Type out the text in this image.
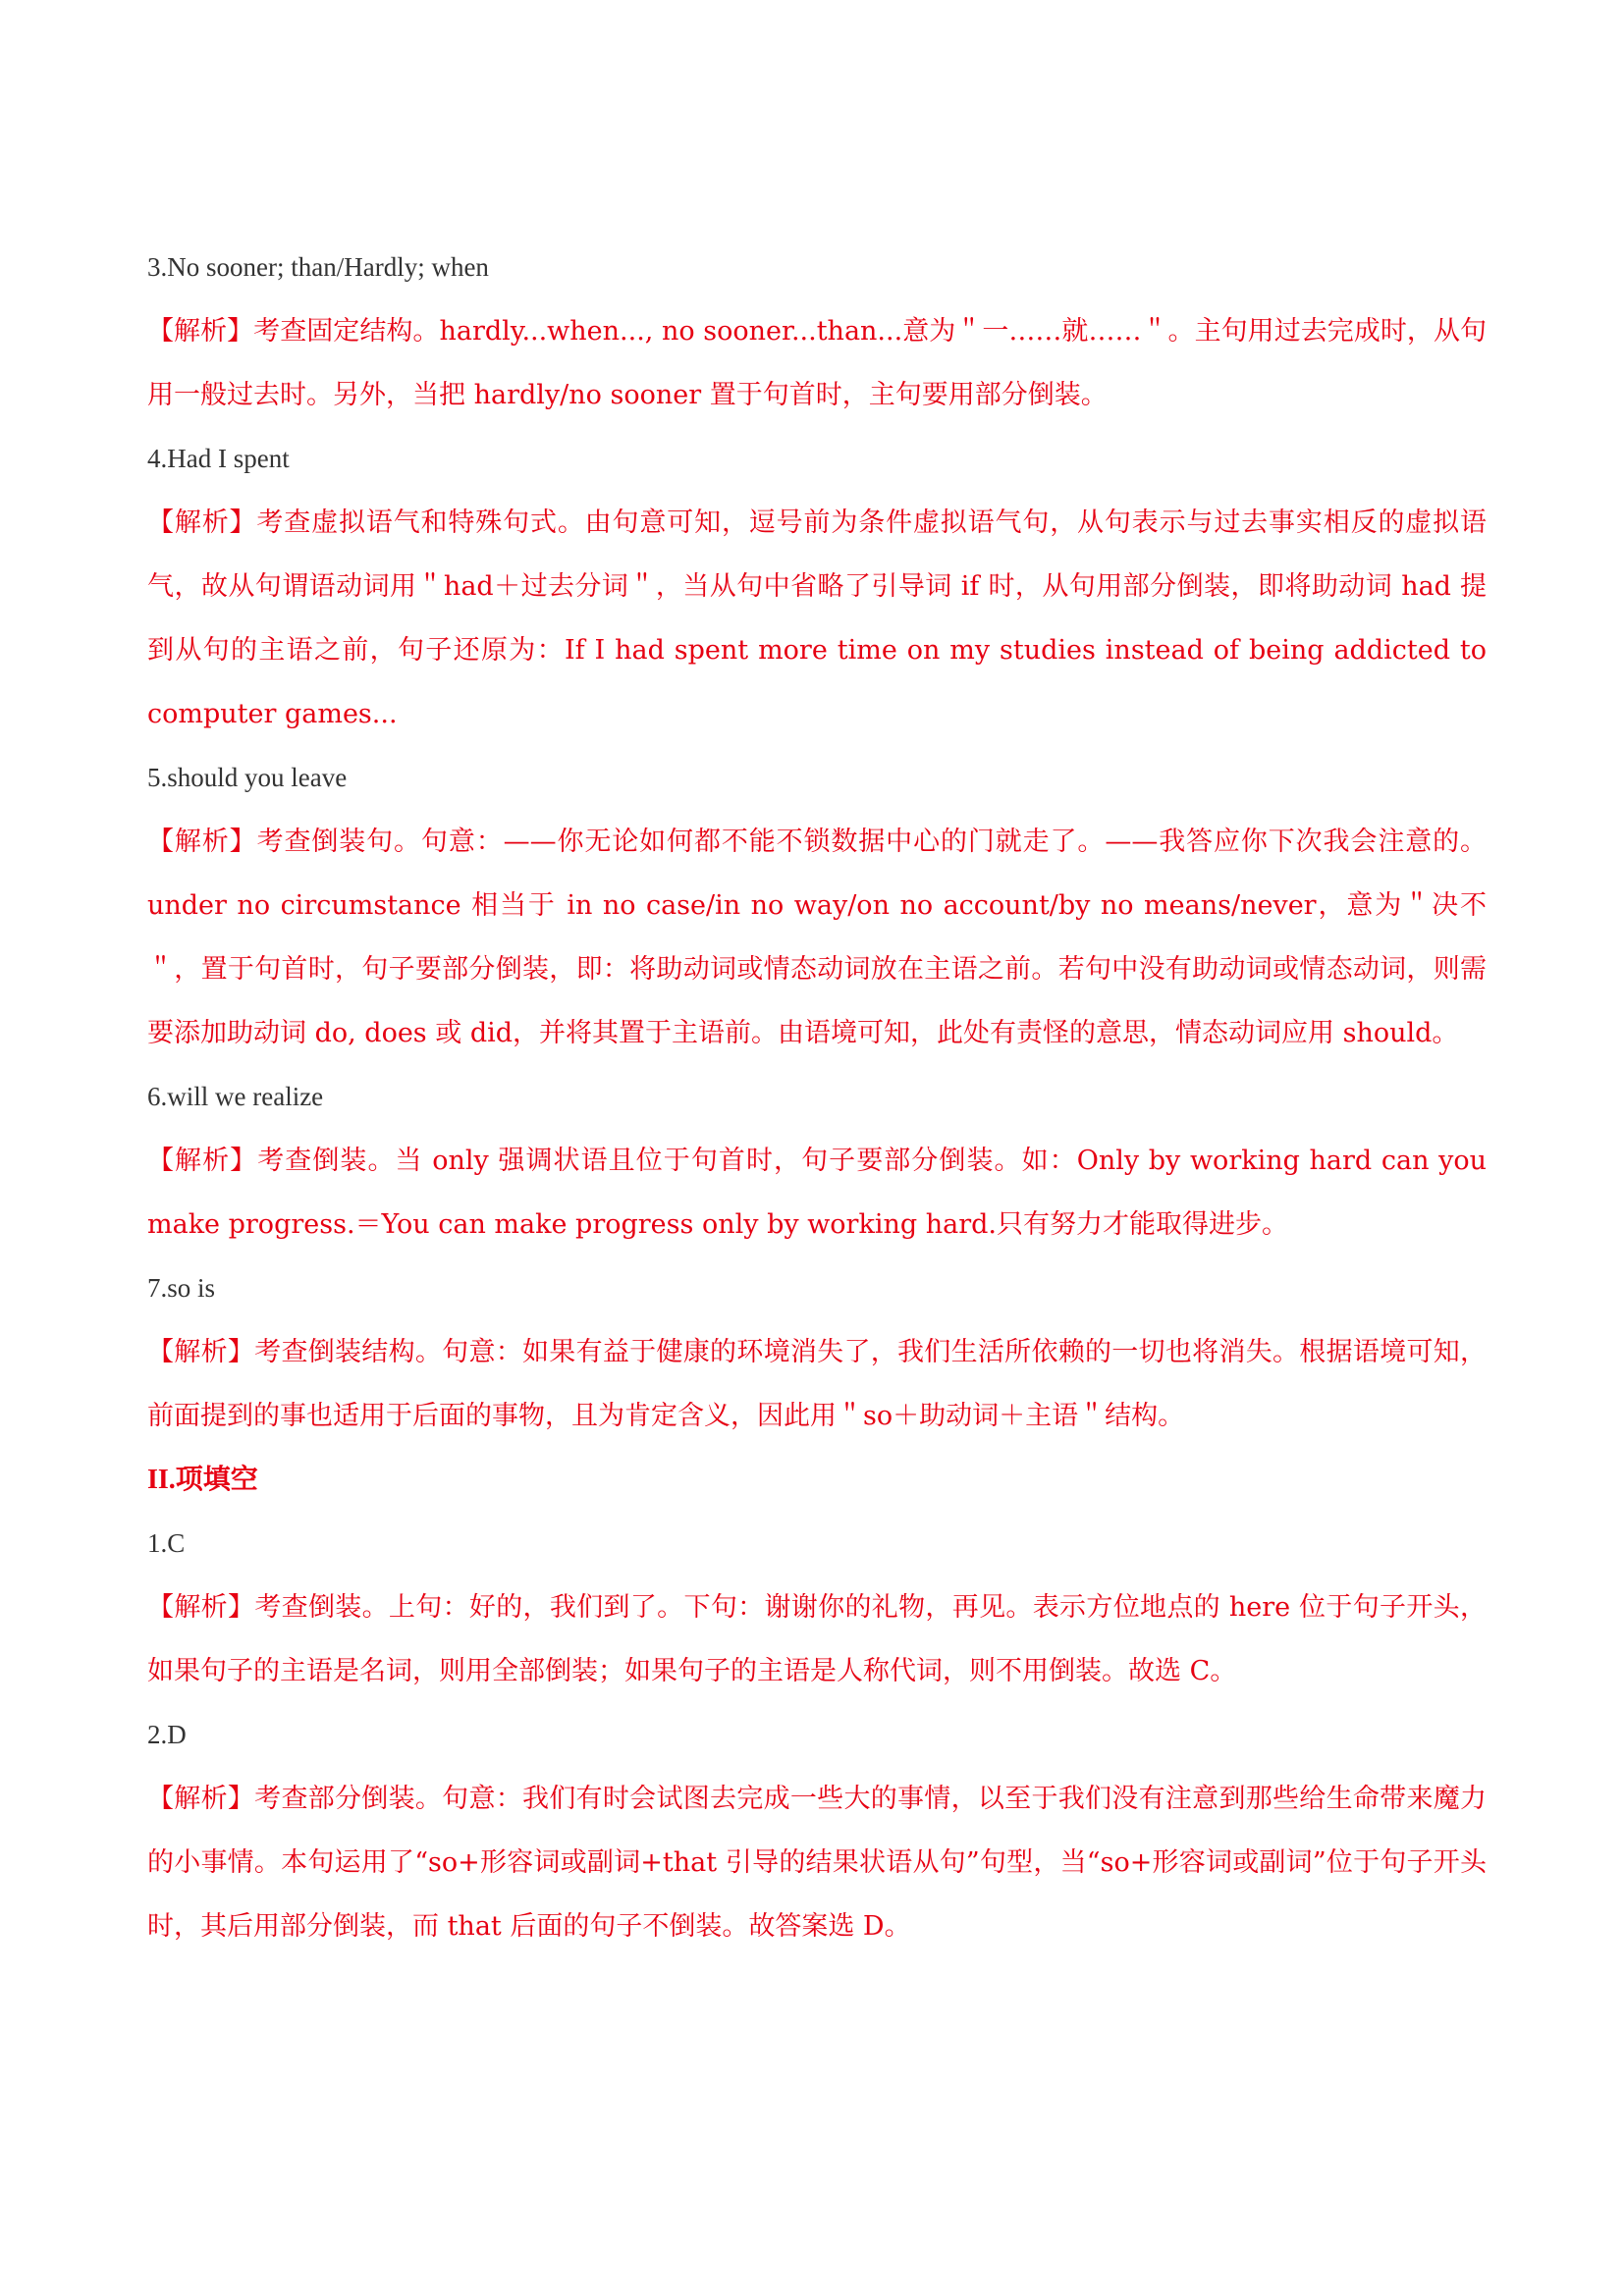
3.No sooner; than/Hardly; when

【解析】考查固定结构。hardly...when..., no sooner...than...意为＂一……就……＂。主句用过去完成时，从句用一般过去时。另外，当把 hardly/no sooner 置于句首时，主句要用部分倒装。

4.Had I spent

【解析】考查虚拟语气和特殊句式。由句意可知，逗号前为条件虚拟语气句，从句表示与过去事实相反的虚拟语气，故从句谓语动词用＂had＋过去分词＂，当从句中省略了引导词 if 时，从句用部分倒装，即将助动词 had 提到从句的主语之前，句子还原为：If I had spent more time on my studies instead of being addicted to computer games...

5.should you leave

【解析】考查倒装句。句意：——你无论如何都不能不锁数据中心的门就走了。——我答应你下次我会注意的。under no circumstance 相当于 in no case/in no way/on no account/by no means/never，意为＂决不＂，置于句首时，句子要部分倒装，即：将助动词或情态动词放在主语之前。若句中没有助动词或情态动词，则需要添加助动词 do, does 或 did，并将其置于主语前。由语境可知，此处有责怪的意思，情态动词应用 should。

6.will we realize

【解析】考查倒装。当 only 强调状语且位于句首时，句子要部分倒装。如：Only by working hard can you make progress.＝You can make progress only by working hard.只有努力才能取得进步。

7.so is

【解析】考查倒装结构。句意：如果有益于健康的环境消失了，我们生活所依赖的一切也将消失。根据语境可知，前面提到的事也适用于后面的事物，且为肯定含义，因此用＂so＋助动词＋主语＂结构。

II.项填空

1.C

【解析】考查倒装。上句：好的，我们到了。下句：谢谢你的礼物，再见。表示方位地点的 here 位于句子开头，如果句子的主语是名词，则用全部倒装；如果句子的主语是人称代词，则不用倒装。故选 C。

2.D

【解析】考查部分倒装。句意：我们有时会试图去完成一些大的事情，以至于我们没有注意到那些给生命带来魔力的小事情。本句运用了“so+形容词或副词+that 引导的结果状语从句”句型，当“so+形容词或副词”位于句子开头时，其后用部分倒装，而 that 后面的句子不倒装。故答案选 D。
